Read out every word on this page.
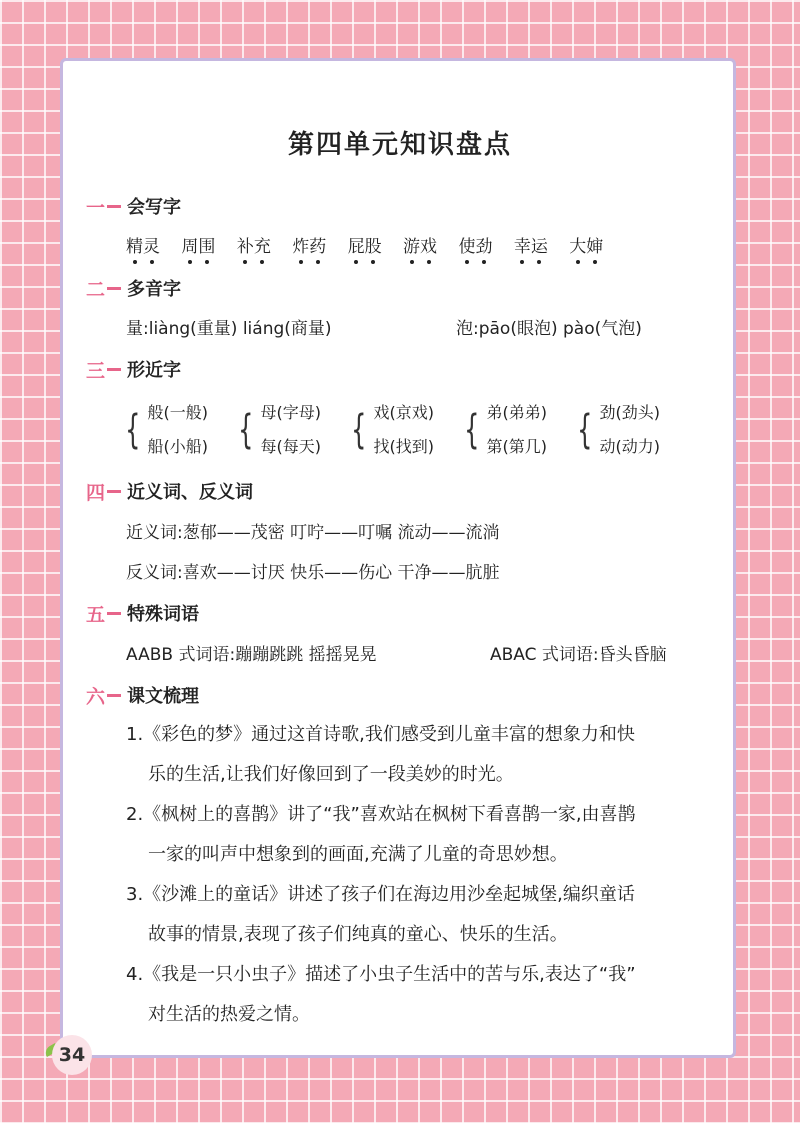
第四单元知识盘点
一 会写字
精灵 周围 补充 炸药 屁股 游戏 使劲 幸运 大婶
二 多音字
量:liàng(重量) liáng(商量)	泡:pāo(眼泡) pào(气泡)
三 形近字
{ 般(一般)
船(小船) { 母(字母)
每(每天) { 戏(京戏)
找(找到) { 弟(弟弟)
第(第几) { 劲(劲头)
动(动力)
四 近义词、反义词
近义词:葱郁——茂密 叮咛——叮嘱 流动——流淌
反义词:喜欢——讨厌 快乐——伤心 干净——肮脏
五 特殊词语
AABB 式词语:蹦蹦跳跳 摇摇晃晃	ABAC 式词语:昏头昏脑
六 课文梳理
1.《彩色的梦》通过这首诗歌,我们感受到儿童丰富的想象力和快
乐的生活,让我们好像回到了一段美妙的时光。
2.《枫树上的喜鹊》讲了“我”喜欢站在枫树下看喜鹊一家,由喜鹊
一家的叫声中想象到的画面,充满了儿童的奇思妙想。
3.《沙滩上的童话》讲述了孩子们在海边用沙垒起城堡,编织童话
故事的情景,表现了孩子们纯真的童心、快乐的生活。
4.《我是一只小虫子》描述了小虫子生活中的苦与乐,表达了“我”
对生活的热爱之情。
34
